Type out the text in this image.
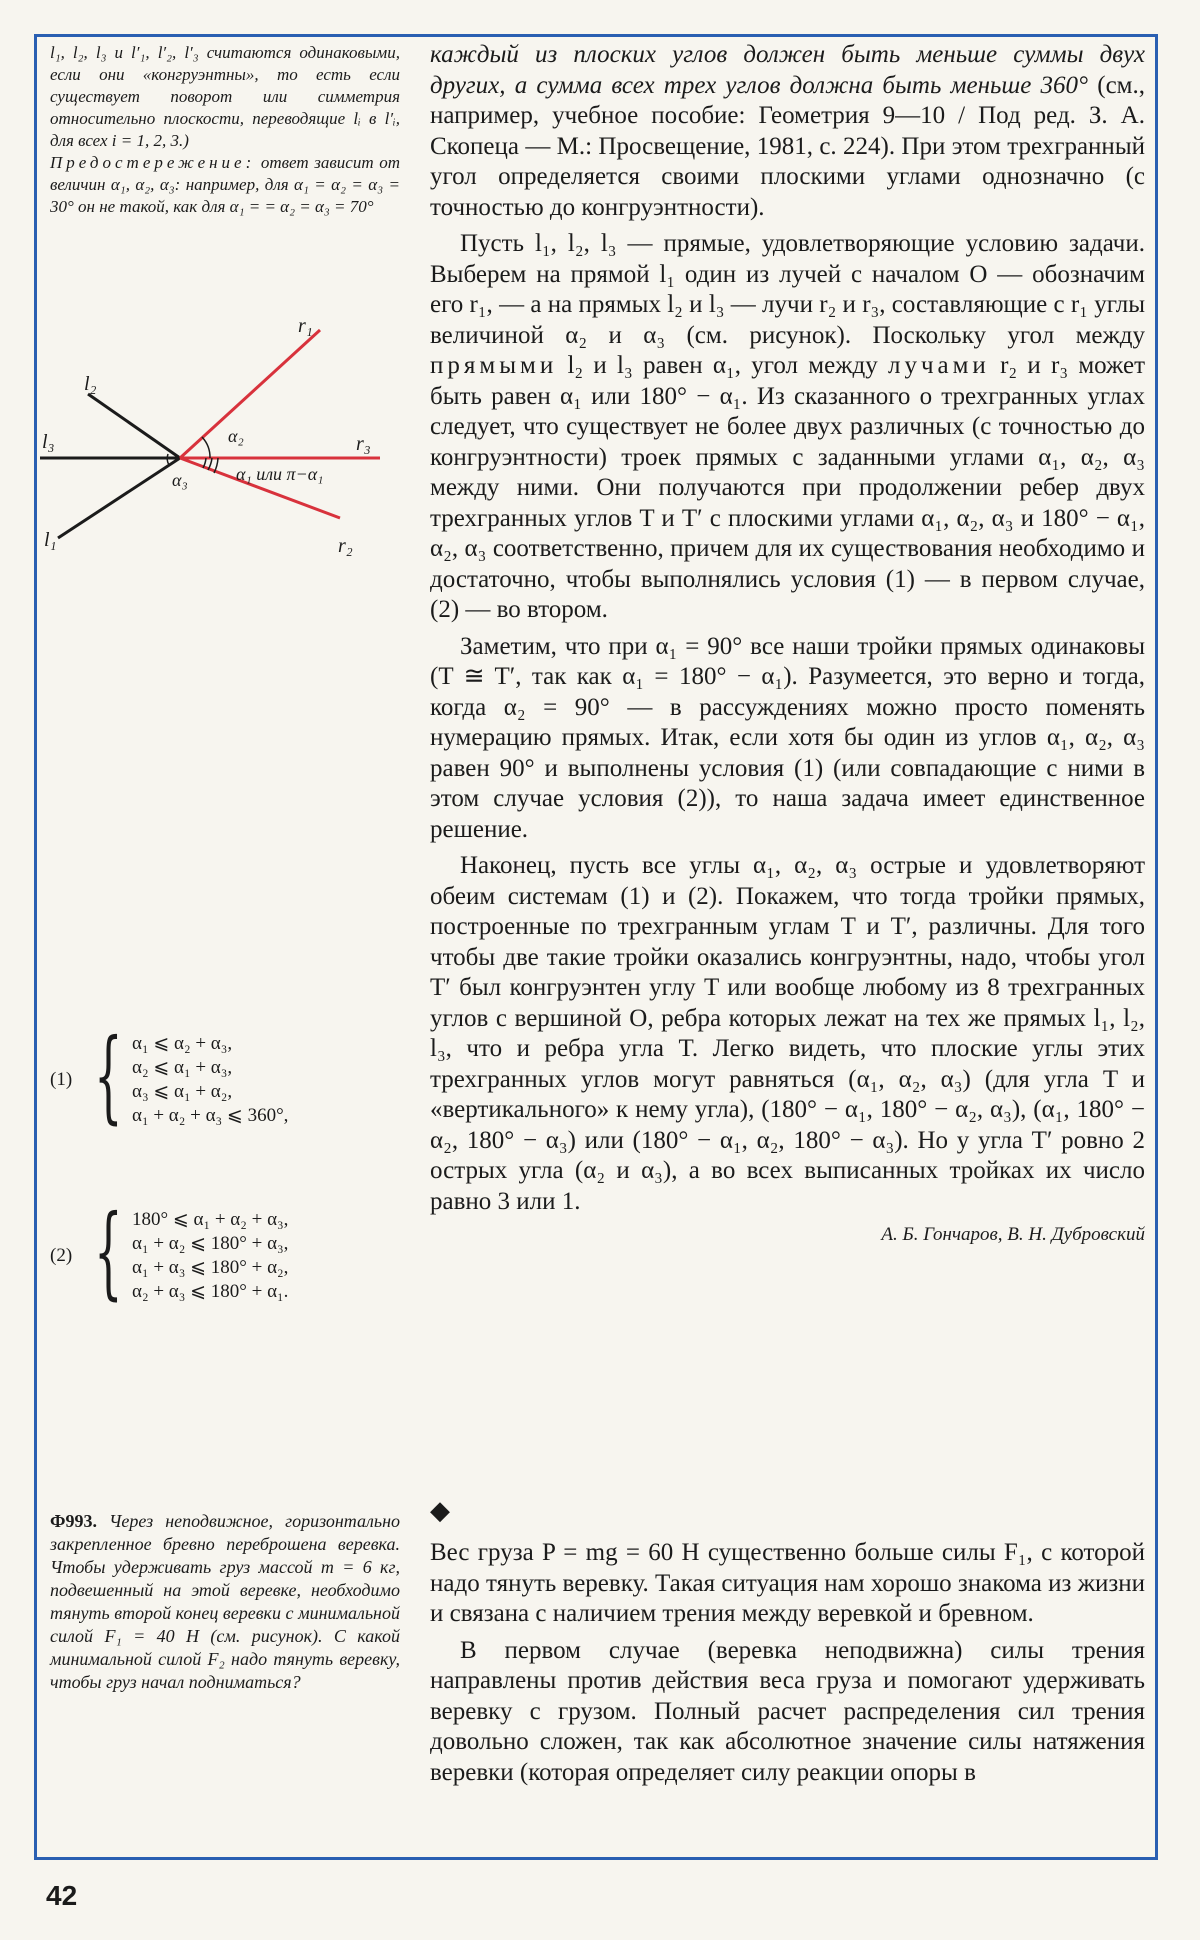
l₁, l₂, l₃ и l′₁, l′₂, l′₃ считаются одинаковыми, если они «конгруэнтны», то есть если существует поворот или симметрия относительно плоскости, переводящие lᵢ в l′ᵢ, для всех i = 1, 2, 3.)

Предостережение: ответ зависит от величин α₁, α₂, α₃: например, для α₁ = α₂ = α₃ = 30° он не такой, как для α₁ = = α₂ = α₃ = 70°

r₁
l₂
l₃	r₃
l₁	r₂
α₂
α₃	α₁ или π−α₁
(1) { α₁ ⩽ α₂ + α₃,
α₂ ⩽ α₁ + α₃,
α₃ ⩽ α₁ + α₂,
α₁ + α₂ + α₃ ⩽ 360°,
(2) { 180° ⩽ α₁ + α₂ + α₃,
α₁ + α₂ ⩽ 180° + α₃,
α₁ + α₃ ⩽ 180° + α₂,
α₂ + α₃ ⩽ 180° + α₁.
Ф993. Через неподвижное, горизонтально закрепленное бревно переброшена веревка. Чтобы удерживать груз массой m = 6 кг, подвешенный на этой веревке, необходимо тянуть второй конец веревки с минимальной силой F₁ = 40 Н (см. рисунок). С какой минимальной силой F₂ надо тянуть веревку, чтобы груз начал подниматься?

каждый из плоских углов должен быть меньше суммы двух других, а сумма всех трех углов должна быть меньше 360° (см., например, учебное пособие: Геометрия 9—10 / Под ред. З. А. Скопеца — М.: Просвещение, 1981, с. 224). При этом трехгранный угол определяется своими плоскими углами однозначно (с точностью до конгруэнтности).

Пусть l₁, l₂, l₃ — прямые, удовлетворяющие условию задачи. Выберем на прямой l₁ один из лучей с началом O — обозначим его r₁, — а на прямых l₂ и l₃ — лучи r₂ и r₃, составляющие с r₁ углы величиной α₂ и α₃ (см. рисунок). Поскольку угол между прямыми l₂ и l₃ равен α₁, угол между лучами r₂ и r₃ может быть равен α₁ или 180° − α₁. Из сказанного о трехгранных углах следует, что существует не более двух различных (с точностью до конгруэнтности) троек прямых с заданными углами α₁, α₂, α₃ между ними. Они получаются при продолжении ребер двух трехгранных углов T и T′ с плоскими углами α₁, α₂, α₃ и 180° − α₁, α₂, α₃ соответственно, причем для их существования необходимо и достаточно, чтобы выполнялись условия (1) — в первом случае, (2) — во втором.

Заметим, что при α₁ = 90° все наши тройки прямых одинаковы (T ≅ T′, так как α₁ = 180° − α₁). Разумеется, это верно и тогда, когда α₂ = 90° — в рассуждениях можно просто поменять нумерацию прямых. Итак, если хотя бы один из углов α₁, α₂, α₃ равен 90° и выполнены условия (1) (или совпадающие с ними в этом случае условия (2)), то наша задача имеет единственное решение.

Наконец, пусть все углы α₁, α₂, α₃ острые и удовлетворяют обеим системам (1) и (2). Покажем, что тогда тройки прямых, построенные по трехгранным углам T и T′, различны. Для того чтобы две такие тройки оказались конгруэнтны, надо, чтобы угол T′ был конгруэнтен углу T или вообще любому из 8 трехгранных углов с вершиной O, ребра которых лежат на тех же прямых l₁, l₂, l₃, что и ребра угла T. Легко видеть, что плоские углы этих трехгранных углов могут равняться (α₁, α₂, α₃) (для угла T и «вертикального» к нему угла), (180° − α₁, 180° − α₂, α₃), (α₁, 180° − α₂, 180° − α₃) или (180° − α₁, α₂, 180° − α₃). Но у угла T′ ровно 2 острых угла (α₂ и α₃), а во всех выписанных тройках их число равно 3 или 1.

А. Б. Гончаров, В. Н. Дубровский
◆

Вес груза P = mg = 60 Н существенно больше силы F₁, с которой надо тянуть веревку. Такая ситуация нам хорошо знакома из жизни и связана с наличием трения между веревкой и бревном.

В первом случае (веревка неподвижна) силы трения направлены против действия веса груза и помогают удерживать веревку с грузом. Полный расчет распределения сил трения довольно сложен, так как абсолютное значение силы натяжения веревки (которая определяет силу реакции опоры в

42
